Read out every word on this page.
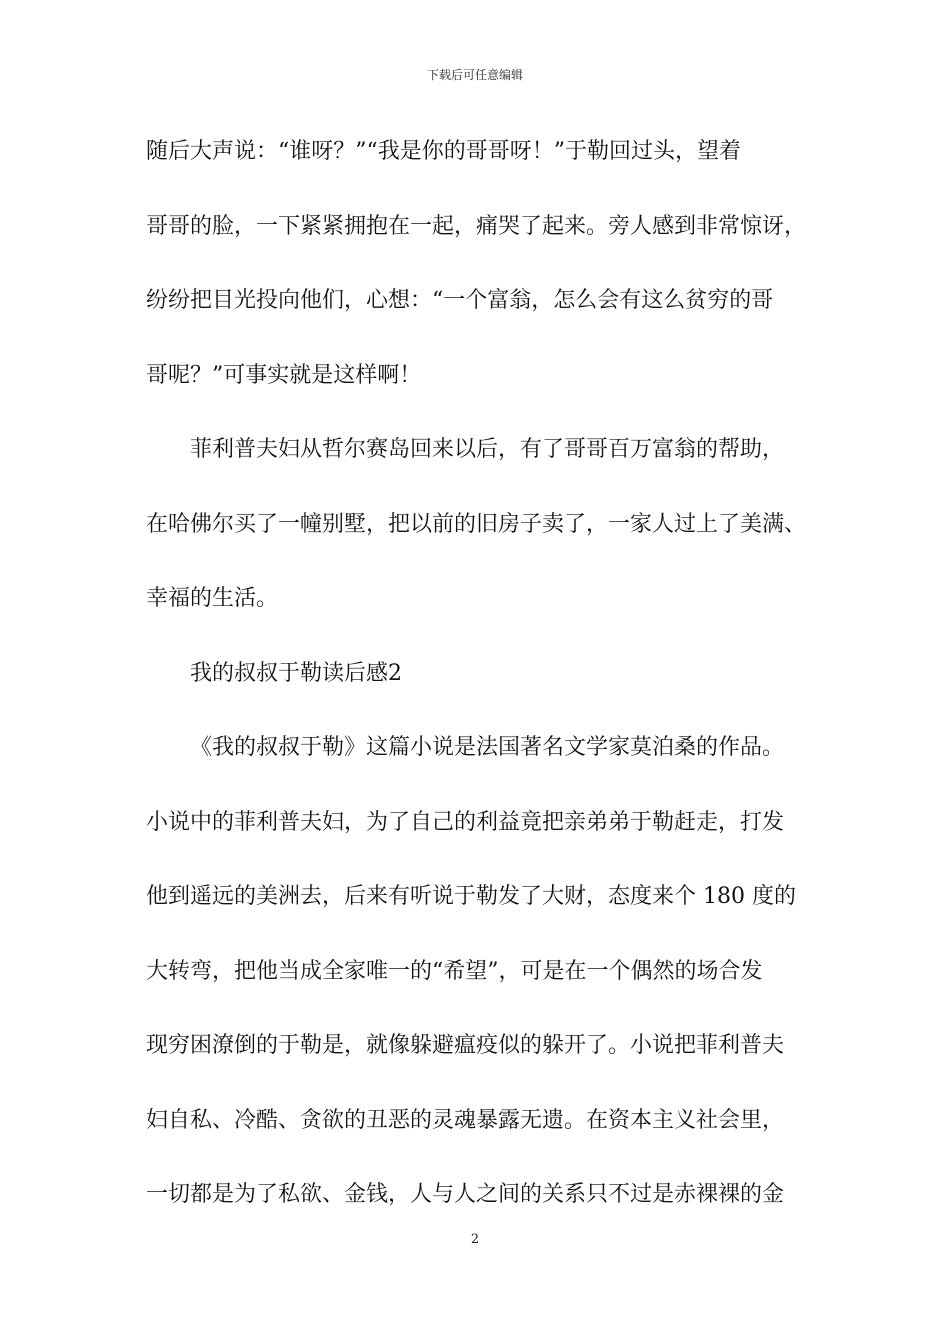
下载后可任意编辑
随后大声说：“谁呀？”“我是你的哥哥呀！”于勒回过头，望着
哥哥的脸，一下紧紧拥抱在一起，痛哭了起来。旁人感到非常惊讶，
纷纷把目光投向他们，心想：“一个富翁，怎么会有这么贫穷的哥
哥呢？”可事实就是这样啊！
菲利普夫妇从哲尔赛岛回来以后，有了哥哥百万富翁的帮助，
在哈佛尔买了一幢别墅，把以前的旧房子卖了，一家人过上了美满、
幸福的生活。
我的叔叔于勒读后感2
《我的叔叔于勒》这篇小说是法国著名文学家莫泊桑的作品。
小说中的菲利普夫妇，为了自己的利益竟把亲弟弟于勒赶走，打发
他到遥远的美洲去，后来有听说于勒发了大财，态度来个 180 度的
大转弯，把他当成全家唯一的“希望”，可是在一个偶然的场合发
现穷困潦倒的于勒是，就像躲避瘟疫似的躲开了。小说把菲利普夫
妇自私、冷酷、贪欲的丑恶的灵魂暴露无遗。在资本主义社会里，
一切都是为了私欲、金钱，人与人之间的关系只不过是赤裸裸的金
2
